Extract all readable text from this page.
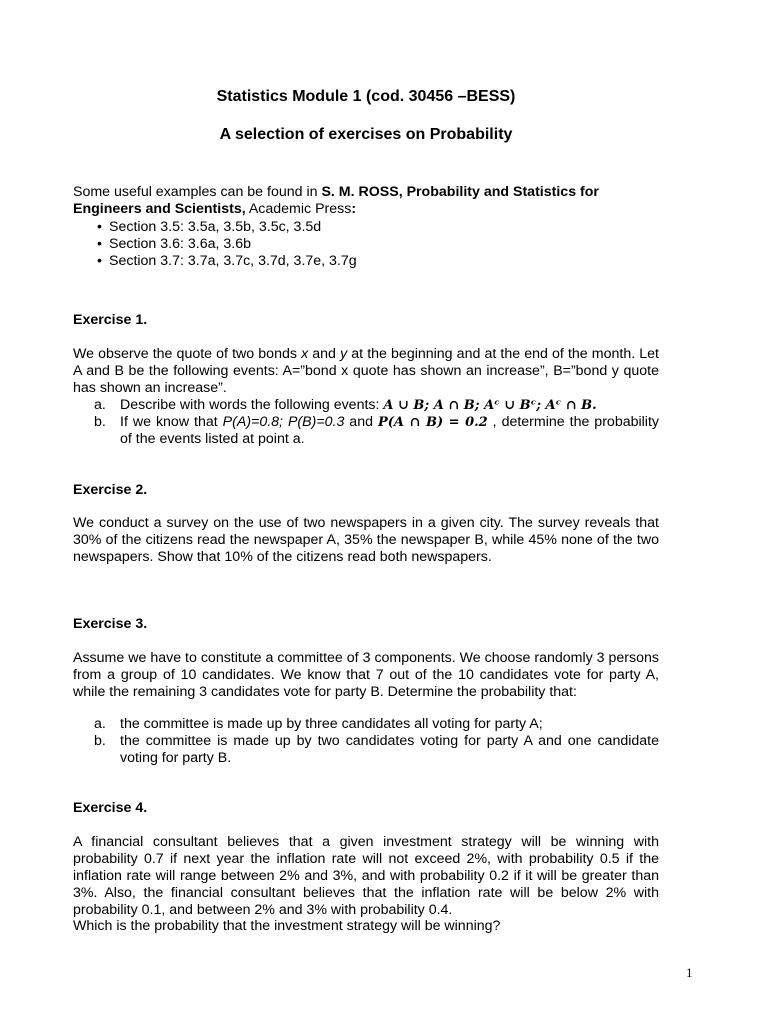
Statistics Module 1 (cod. 30456 –BESS)
A selection of exercises on Probability
Some useful examples can be found in S. M. ROSS, Probability and Statistics for Engineers and Scientists, Academic Press:
• Section 3.5: 3.5a, 3.5b, 3.5c, 3.5d
• Section 3.6: 3.6a, 3.6b
• Section 3.7: 3.7a, 3.7c, 3.7d, 3.7e, 3.7g
Exercise 1.
We observe the quote of two bonds x and y at the beginning and at the end of the month. Let A and B be the following events: A=”bond x quote has shown an increase”, B=”bond y quote has shown an increase”.
a. Describe with words the following events: A ∪ B; A ∩ B; Aᶜ ∪ Bᶜ; Aᶜ ∩ B.
b. If we know that P(A)=0.8; P(B)=0.3 and P(A ∩ B) = 0.2 , determine the probability of the events listed at point a.
Exercise 2.
We conduct a survey on the use of two newspapers in a given city. The survey reveals that 30% of the citizens read the newspaper A, 35% the newspaper B, while 45% none of the two newspapers. Show that 10% of the citizens read both newspapers.
Exercise 3.
Assume we have to constitute a committee of 3 components. We choose randomly 3 persons from a group of 10 candidates. We know that 7 out of the 10 candidates vote for party A, while the remaining 3 candidates vote for party B. Determine the probability that:
a. the committee is made up by three candidates all voting for party A;
b. the committee is made up by two candidates voting for party A and one candidate voting for party B.
Exercise 4.
A financial consultant believes that a given investment strategy will be winning with probability 0.7 if next year the inflation rate will not exceed 2%, with probability 0.5 if the inflation rate will range between 2% and 3%, and with probability 0.2 if it will be greater than 3%. Also, the financial consultant believes that the inflation rate will be below 2% with probability 0.1, and between 2% and 3% with probability 0.4.
Which is the probability that the investment strategy will be winning?
1
